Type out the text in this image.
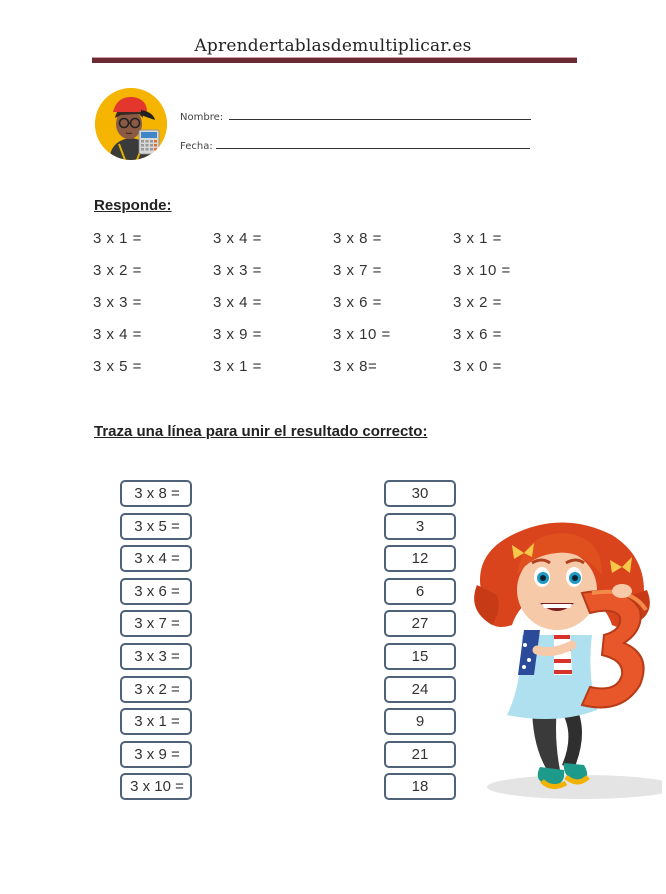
Aprendertablasdemultiplicar.es
Nombre:
Fecha:
Responde:
3 x 1 =
3 x 2 =
3 x 3 =
3 x 4 =
3 x 5 =
3 x 4 =
3 x 3 =
3 x 4 =
3 x 9 =
3 x 1 =
3 x 8 =
3 x 7 =
3 x 6 =
3 x 10 =
3 x 8=
3 x 1 =
3 x 10 =
3 x 2 =
3 x 6 =
3 x 0 =
Traza una línea para unir el resultado correcto:
3 x 8 =
3 x 5 =
3 x 4 =
3 x 6 =
3 x 7 =
3 x 3 =
3 x 2 =
3 x 1 =
3 x 9 =
3 x 10 =
30
3
12
6
27
15
24
9
21
18
